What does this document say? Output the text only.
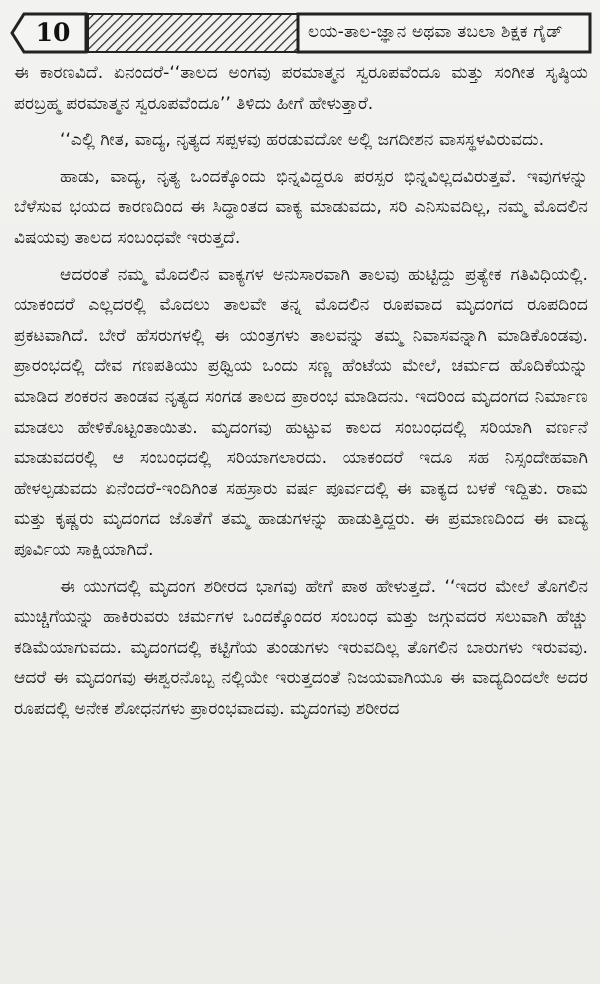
10	ಲಯ-ತಾಲ-ಜ್ಞಾನ ಅಥವಾ ತಬಲಾ ಶಿಕ್ಷಕ ಗೈಡ್

ಈ ಕಾರಣವಿದೆ. ಏನಂದರೆ-‘‘ತಾಲದ ಅಂಗವು ಪರಮಾತ್ಮನ ಸ್ವರೂಪವೆಂದೂ ಮತ್ತು ಸಂಗೀತ ಸೃಷ್ಠಿಯ ಪರಬ್ರಹ್ಮ ಪರಮಾತ್ಮನ ಸ್ವರೂಪವೆಂದೂ’’ ತಿಳಿದು ಹೀಗೆ ಹೇಳುತ್ತಾರೆ.

‘‘ಎಲ್ಲಿ ಗೀತ, ವಾದ್ಯ, ನೃತ್ಯದ ಸಪ್ಪಳವು ಹರಡುವದೋ ಅಲ್ಲಿ ಜಗದೀಶನ ವಾಸಸ್ಥಳವಿರುವದು.

ಹಾಡು, ವಾದ್ಯ, ನೃತ್ಯ ಒಂದಕ್ಕೊಂದು ಭಿನ್ನವಿದ್ದರೂ ಪರಸ್ಪರ ಭಿನ್ನವಿಲ್ಲದವಿರುತ್ತವೆ. ಇವುಗಳನ್ನು ಬೆಳೆಸುವ ಭಯದ ಕಾರಣದಿಂದ ಈ ಸಿದ್ಧಾಂತದ ವಾಕ್ಯ ಮಾಡುವದು, ಸರಿ ಎನಿಸುವದಿಲ್ಲ, ನಮ್ಮ ಮೊದಲಿನ ವಿಷಯವು ತಾಲದ ಸಂಬಂಧವೇ ಇರುತ್ತದೆ.

ಆದರಂತೆ ನಮ್ಮ ಮೊದಲಿನ ವಾಕ್ಯಗಳ ಅನುಸಾರವಾಗಿ ತಾಲವು ಹುಟ್ಟಿದ್ದು ಪ್ರತ್ಯೇಕ ಗತಿವಿಧಿಯಲ್ಲಿ. ಯಾಕಂದರೆ ಎಲ್ಲದರಲ್ಲಿ ಮೊದಲು ತಾಲವೇ ತನ್ನ ಮೊದಲಿನ ರೂಪವಾದ ಮೃದಂಗದ ರೂಪದಿಂದ ಪ್ರಕಟವಾಗಿದೆ. ಬೇರೆ ಹೆಸರುಗಳಲ್ಲಿ ಈ ಯಂತ್ರಗಳು ತಾಲವನ್ನು ತಮ್ಮ ನಿವಾಸವನ್ನಾಗಿ ಮಾಡಿಕೊಂಡವು. ಪ್ರಾರಂಭದಲ್ಲಿ ದೇವ ಗಣಪತಿಯು ಪ್ರಥ್ವಿಯ ಒಂದು ಸಣ್ಣ ಹೆಂಟೆಯ ಮೇಲೆ, ಚರ್ಮದ ಹೊದಿಕೆಯನ್ನು ಮಾಡಿದ ಶಂಕರನ ತಾಂಡವ ನೃತ್ಯದ ಸಂಗಡ ತಾಲದ ಪ್ರಾರಂಭ ಮಾಡಿದನು. ಇದರಿಂದ ಮೃದಂಗದ ನಿರ್ಮಾಣ ಮಾಡಲು ಹೇಳಿಕೊಟ್ಟಂತಾಯಿತು. ಮೃದಂಗವು ಹುಟ್ಟುವ ಕಾಲದ ಸಂಬಂಧದಲ್ಲಿ ಸರಿಯಾಗಿ ವರ್ಣನೆ ಮಾಡುವದರಲ್ಲಿ ಆ ಸಂಬಂಧದಲ್ಲಿ ಸರಿಯಾಗಲಾರದು. ಯಾಕಂದರೆ ಇದೂ ಸಹ ನಿಸ್ಸಂದೇಹವಾಗಿ ಹೇಳಲ್ಪಡುವದು ಏನೆಂದರೆ-ಇಂದಿಗಿಂತ ಸಹಸ್ರಾರು ವರ್ಷ ಪೂರ್ವದಲ್ಲಿ ಈ ವಾಕ್ಯದ ಬಳಕೆ ಇದ್ದಿತು. ರಾಮ ಮತ್ತು ಕೃಷ್ಣರು ಮೃದಂಗದ ಜೊತೆಗೆ ತಮ್ಮ ಹಾಡುಗಳನ್ನು ಹಾಡುತ್ತಿದ್ದರು. ಈ ಪ್ರಮಾಣದಿಂದ ಈ ವಾದ್ಯ ಪೂರ್ವಿಯ ಸಾಕ್ಷಿಯಾಗಿದೆ.

ಈ ಯುಗದಲ್ಲಿ ಮೃದಂಗ ಶರೀರದ ಭಾಗವು ಹೇಗೆ ಪಾಠ ಹೇಳುತ್ತದೆ. ‘‘ಇದರ ಮೇಲೆ ತೊಗಲಿನ ಮುಚ್ಚಿಗೆಯನ್ನು ಹಾಕಿರುವರು ಚರ್ಮಗಳ ಒಂದಕ್ಕೊಂದರ ಸಂಬಂಧ ಮತ್ತು ಜಗ್ಗುವದರ ಸಲುವಾಗಿ ಹೆಚ್ಚು ಕಡಿಮೆಯಾಗುವದು. ಮೃದಂಗದಲ್ಲಿ ಕಟ್ಟಿಗೆಯ ತುಂಡುಗಳು ಇರುವದಿಲ್ಲ ತೊಗಲಿನ ಬಾರುಗಳು ಇರುವವು. ಆದರೆ ಈ ಮೃದಂಗವು ಈಶ್ವರನೊಬ್ಬ ನಲ್ಲಿಯೇ ಇರುತ್ತದಂತೆ ನಿಜಯವಾಗಿಯೂ ಈ ವಾದ್ಯದಿಂದಲೇ ಅದರ ರೂಪದಲ್ಲಿ ಅನೇಕ ಶೋಧನಗಳು ಪ್ರಾರಂಭವಾದವು. ಮೃದಂಗವು ಶರೀರದ
